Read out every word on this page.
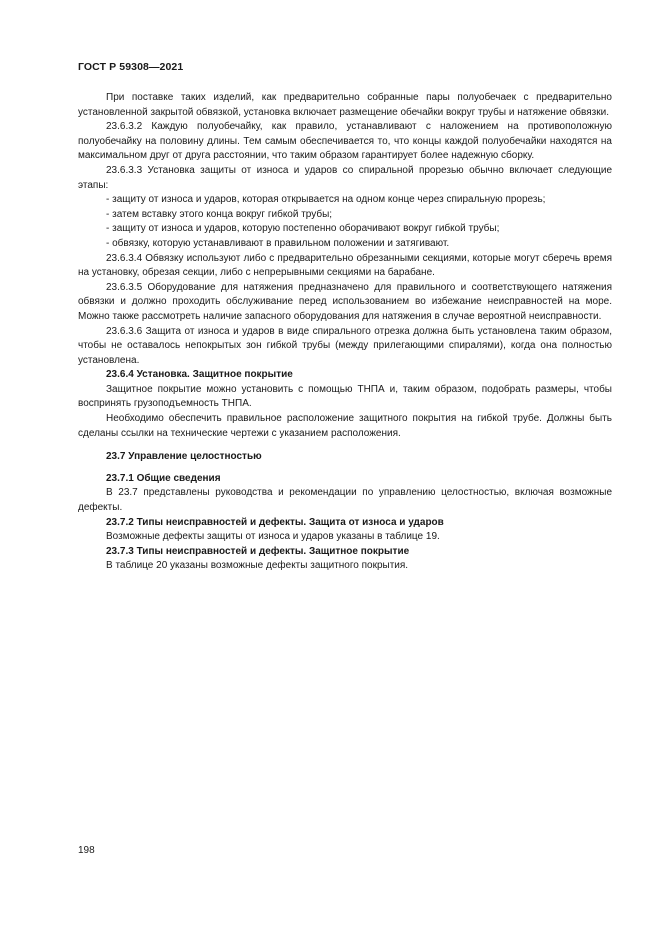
ГОСТ Р 59308—2021

При поставке таких изделий, как предварительно собранные пары полуобечаек с предварительно установленной закрытой обвязкой, установка включает размещение обечайки вокруг трубы и натяжение обвязки.

23.6.3.2 Каждую полуобечайку, как правило, устанавливают с наложением на противоположную полуобечайку на половину длины. Тем самым обеспечивается то, что концы каждой полуобечайки находятся на максимальном друг от друга расстоянии, что таким образом гарантирует более надежную сборку.

23.6.3.3 Установка защиты от износа и ударов со спиральной прорезью обычно включает следующие этапы:

- защиту от износа и ударов, которая открывается на одном конце через спиральную прорезь;

- затем вставку этого конца вокруг гибкой трубы;

- защиту от износа и ударов, которую постепенно оборачивают вокруг гибкой трубы;

- обвязку, которую устанавливают в правильном положении и затягивают.

23.6.3.4 Обвязку используют либо с предварительно обрезанными секциями, которые могут сберечь время на установку, обрезая секции, либо с непрерывными секциями на барабане.

23.6.3.5 Оборудование для натяжения предназначено для правильного и соответствующего натяжения обвязки и должно проходить обслуживание перед использованием во избежание неисправностей на море. Можно также рассмотреть наличие запасного оборудования для натяжения в случае вероятной неисправности.

23.6.3.6 Защита от износа и ударов в виде спирального отрезка должна быть установлена таким образом, чтобы не оставалось непокрытых зон гибкой трубы (между прилегающими спиралями), когда она полностью установлена.

23.6.4 Установка. Защитное покрытие

Защитное покрытие можно установить с помощью ТНПА и, таким образом, подобрать размеры, чтобы воспринять грузоподъемность ТНПА.

Необходимо обеспечить правильное расположение защитного покрытия на гибкой трубе. Должны быть сделаны ссылки на технические чертежи с указанием расположения.

23.7 Управление целостностью

23.7.1 Общие сведения

В 23.7 представлены руководства и рекомендации по управлению целостностью, включая возможные дефекты.

23.7.2 Типы неисправностей и дефекты. Защита от износа и ударов

Возможные дефекты защиты от износа и ударов указаны в таблице 19.

23.7.3 Типы неисправностей и дефекты. Защитное покрытие

В таблице 20 указаны возможные дефекты защитного покрытия.

198
